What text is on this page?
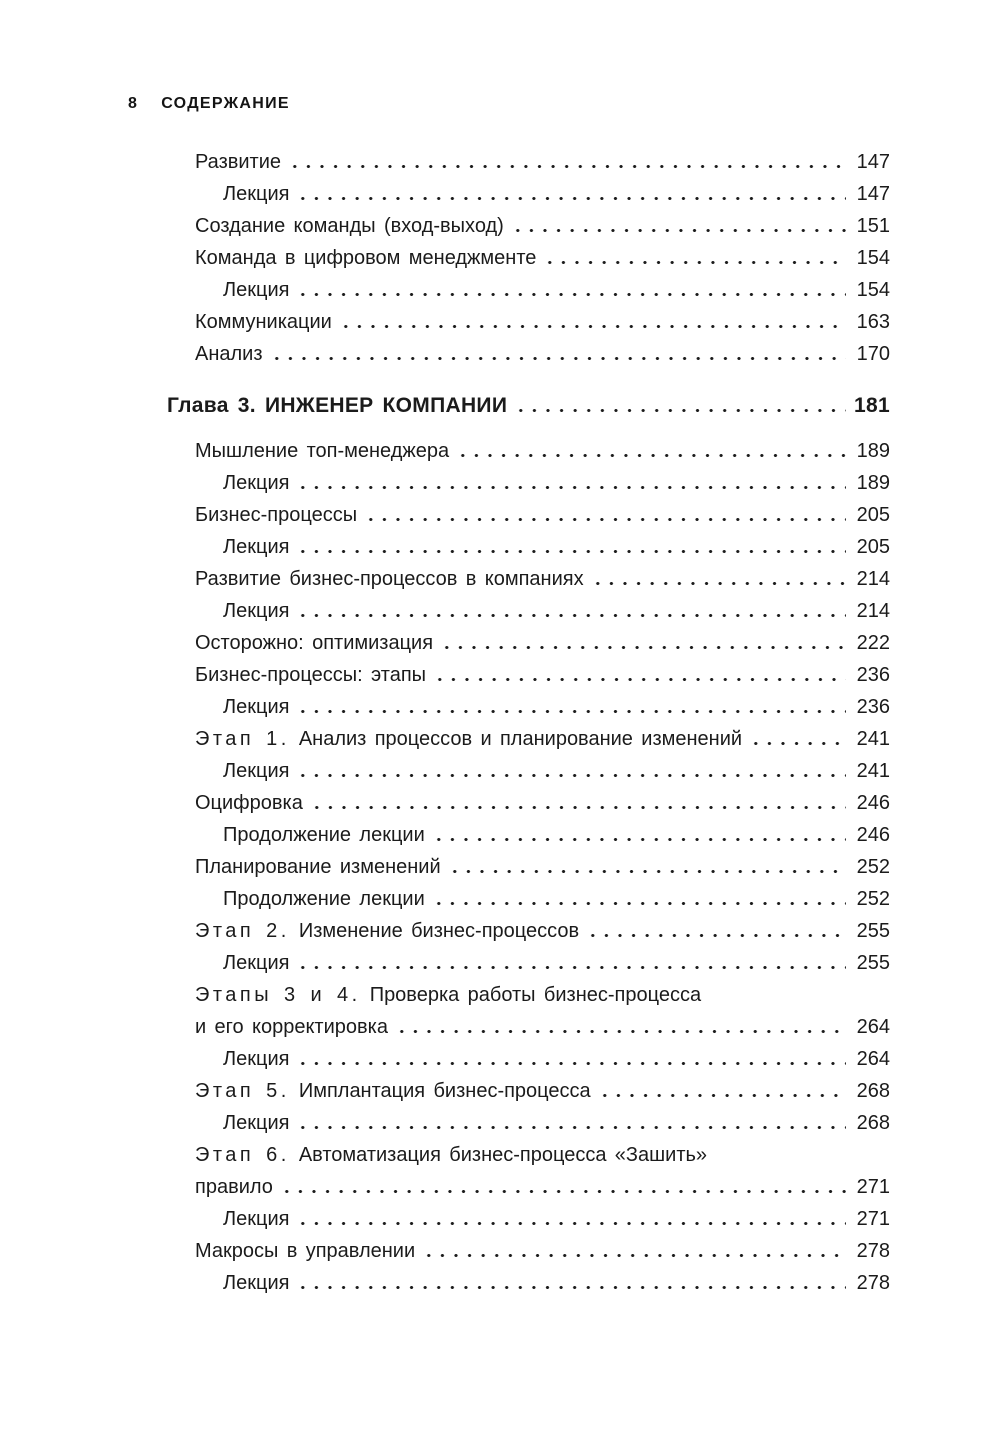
8 СОДЕРЖАНИЕ
Развитие	147
Лекция	147
Создание команды (вход-выход)	151
Команда в цифровом менеджменте	154
Лекция	154
Коммуникации	163
Анализ	170
Глава 3. ИНЖЕНЕР КОМПАНИИ	181
Мышление топ-менеджера	189
Лекция	189
Бизнес-процессы	205
Лекция	205
Развитие бизнес-процессов в компаниях	214
Лекция	214
Осторожно: оптимизация	222
Бизнес-процессы: этапы	236
Лекция	236
Этап 1. Анализ процессов и планирование изменений	241
Лекция	241
Оцифровка	246
Продолжение лекции	246
Планирование изменений	252
Продолжение лекции	252
Этап 2. Изменение бизнес-процессов	255
Лекция	255
Этапы 3 и 4. Проверка работы бизнес-процесса
и его корректировка	264
Лекция	264
Этап 5. Имплантация бизнес-процесса	268
Лекция	268
Этап 6. Автоматизация бизнес-процесса «Зашить»
правило	271
Лекция	271
Макросы в управлении	278
Лекция	278
